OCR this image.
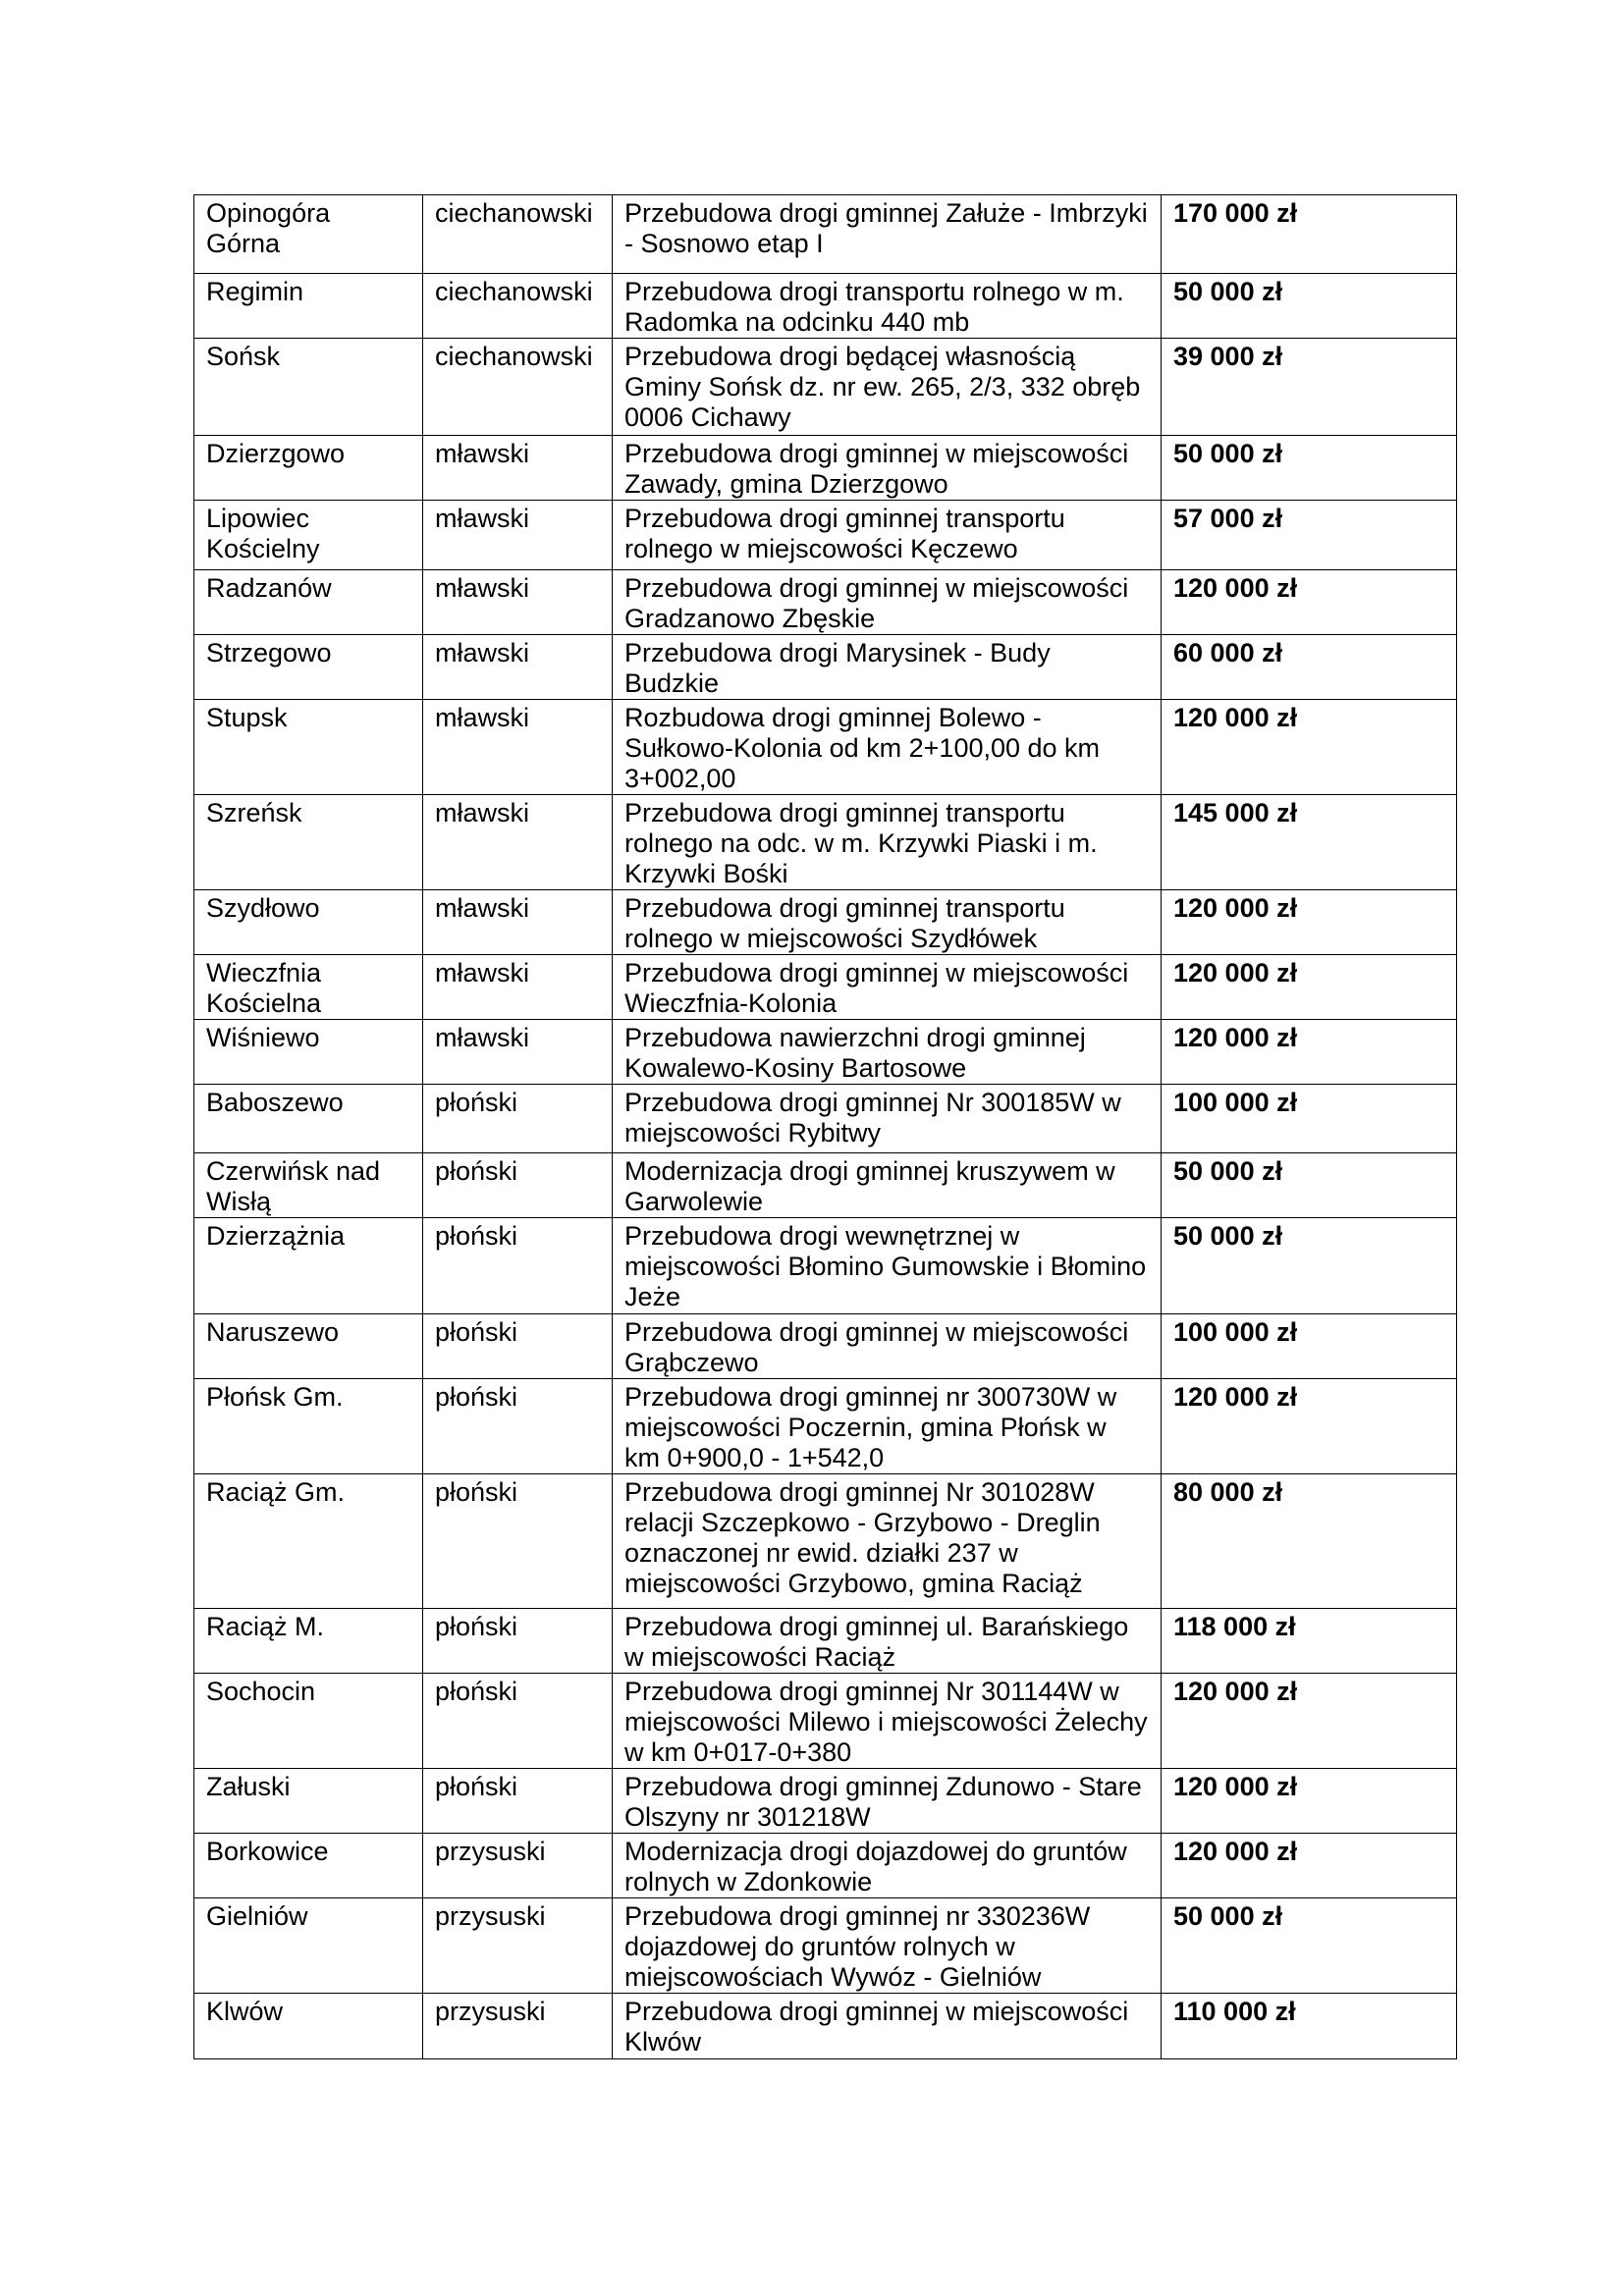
Opinogóra Górna	ciechanowski	Przebudowa drogi gminnej Załuże - Imbrzyki - Sosnowo etap I	170 000 zł
Regimin	ciechanowski	Przebudowa drogi transportu rolnego w m. Radomka na odcinku 440 mb	50 000 zł
Sońsk	ciechanowski	Przebudowa drogi będącej własnością Gminy Sońsk dz. nr ew. 265, 2/3, 332 obręb 0006 Cichawy	39 000 zł
Dzierzgowo	mławski	Przebudowa drogi gminnej w miejscowości Zawady, gmina Dzierzgowo	50 000 zł
Lipowiec Kościelny	mławski	Przebudowa drogi gminnej transportu rolnego w miejscowości Kęczewo	57 000 zł
Radzanów	mławski	Przebudowa drogi gminnej w miejscowości Gradzanowo Zbęskie	120 000 zł
Strzegowo	mławski	Przebudowa drogi Marysinek - Budy Budzkie	60 000 zł
Stupsk	mławski	Rozbudowa drogi gminnej Bolewo - Sułkowo-Kolonia od km 2+100,00 do km 3+002,00	120 000 zł
Szreńsk	mławski	Przebudowa drogi gminnej transportu rolnego na odc. w m. Krzywki Piaski i m. Krzywki Bośki	145 000 zł
Szydłowo	mławski	Przebudowa drogi gminnej transportu rolnego w miejscowości Szydłówek	120 000 zł
Wieczfnia Kościelna	mławski	Przebudowa drogi gminnej w miejscowości Wieczfnia-Kolonia	120 000 zł
Wiśniewo	mławski	Przebudowa nawierzchni drogi gminnej Kowalewo-Kosiny Bartosowe	120 000 zł
Baboszewo	płoński	Przebudowa drogi gminnej Nr 300185W w miejscowości Rybitwy	100 000 zł
Czerwińsk nad Wisłą	płoński	Modernizacja drogi gminnej kruszywem w Garwolewie	50 000 zł
Dzierzążnia	płoński	Przebudowa drogi wewnętrznej w miejscowości Błomino Gumowskie i Błomino Jeże	50 000 zł
Naruszewo	płoński	Przebudowa drogi gminnej w miejscowości Grąbczewo	100 000 zł
Płońsk Gm.	płoński	Przebudowa drogi gminnej nr 300730W w miejscowości Poczernin, gmina Płońsk w km 0+900,0 - 1+542,0	120 000 zł
Raciąż Gm.	płoński	Przebudowa drogi gminnej Nr 301028W relacji Szczepkowo - Grzybowo - Dreglin oznaczonej nr ewid. działki 237 w miejscowości Grzybowo, gmina Raciąż	80 000 zł
Raciąż M.	płoński	Przebudowa drogi gminnej ul. Barańskiego w miejscowości Raciąż	118 000 zł
Sochocin	płoński	Przebudowa drogi gminnej Nr 301144W w miejscowości Milewo i miejscowości Żelechy w km 0+017-0+380	120 000 zł
Załuski	płoński	Przebudowa drogi gminnej Zdunowo - Stare Olszyny nr 301218W	120 000 zł
Borkowice	przysuski	Modernizacja drogi dojazdowej do gruntów rolnych w Zdonkowie	120 000 zł
Gielniów	przysuski	Przebudowa drogi gminnej nr 330236W dojazdowej do gruntów rolnych w miejscowościach Wywóz - Gielniów	50 000 zł
Klwów	przysuski	Przebudowa drogi gminnej w miejscowości Klwów	110 000 zł
